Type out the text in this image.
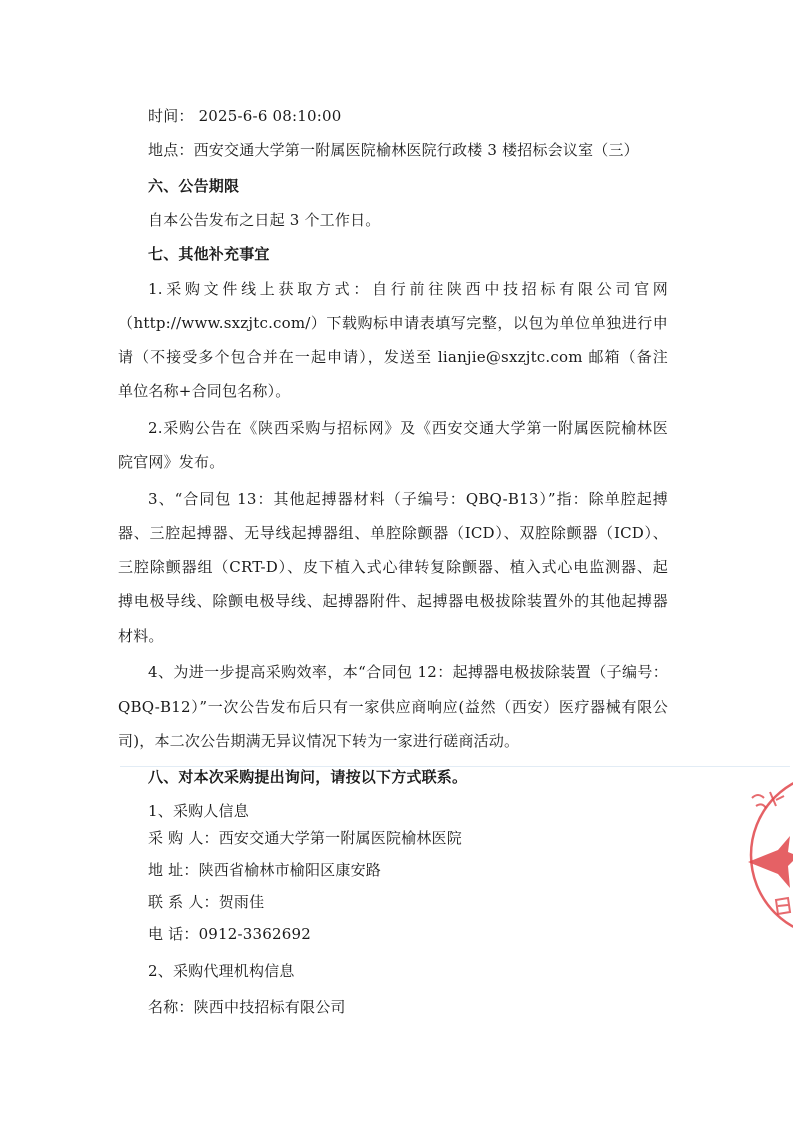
时间： 2025-6-6 08:10:00
地点：西安交通大学第一附属医院榆林医院行政楼 3 楼招标会议室（三）
六、公告期限
自本公告发布之日起 3 个工作日。
七、其他补充事宜
1.采购文件线上获取方式：自行前往陕西中技招标有限公司官网
（http://www.sxzjtc.com/）下载购标申请表填写完整，以包为单位单独进行申
请（不接受多个包合并在一起申请），发送至 lianjie@sxzjtc.com 邮箱（备注
单位名称+合同包名称）。
2.采购公告在《陕西采购与招标网》及《西安交通大学第一附属医院榆林医
院官网》发布。
3、“合同包 13：其他起搏器材料（子编号：QBQ-B13）”指：除单腔起搏
器、三腔起搏器、无导线起搏器组、单腔除颤器（ICD）、双腔除颤器（ICD）、
三腔除颤器组（CRT-D）、皮下植入式心律转复除颤器、植入式心电监测器、起
搏电极导线、除颤电极导线、起搏器附件、起搏器电极拔除装置外的其他起搏器
材料。
4、为进一步提高采购效率，本“合同包 12：起搏器电极拔除装置（子编号：
QBQ-B12）”一次公告发布后只有一家供应商响应(益然（西安）医疗器械有限公
司)，本二次公告期满无异议情况下转为一家进行磋商活动。
八、对本次采购提出询问，请按以下方式联系。
1、采购人信息
采 购 人：西安交通大学第一附属医院榆林医院
地 址：陕西省榆林市榆阳区康安路
联 系 人：贺雨佳
电 话：0912-3362692
2、采购代理机构信息
名称：陕西中技招标有限公司
